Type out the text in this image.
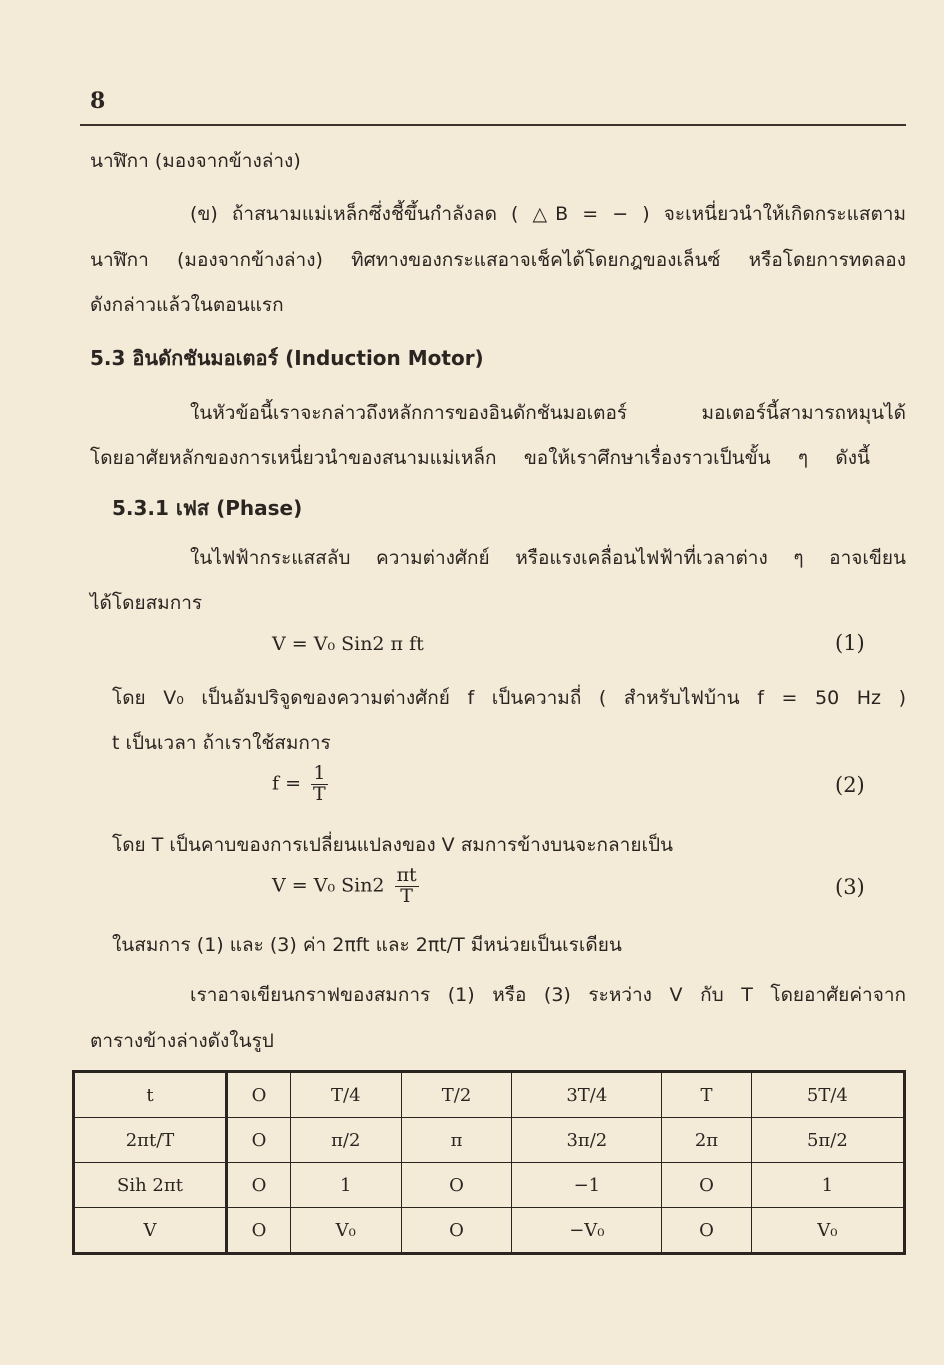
8
นาฬิกา (มองจากข้างล่าง)
(ข) ถ้าสนามแม่เหล็กซึ่งชี้ขึ้นกำลังลด ( △B = − ) จะเหนี่ยวนำให้เกิดกระแสตาม
นาฬิกา (มองจากข้างล่าง) ทิศทางของกระแสอาจเช็คได้โดยกฎของเล็นซ์ หรือโดยการทดลอง
ดังกล่าวแล้วในตอนแรก
5.3 อินดักชันมอเตอร์ (Induction Motor)
ในหัวข้อนี้เราจะกล่าวถึงหลักการของอินดักชันมอเตอร์ มอเตอร์นี้สามารถหมุนได้
โดยอาศัยหลักของการเหนี่ยวนำของสนามแม่เหล็ก ขอให้เราศึกษาเรื่องราวเป็นขั้น ๆ ดังนี้
5.3.1 เฟส (Phase)
ในไฟฟ้ากระแสสลับ ความต่างศักย์ หรือแรงเคลื่อนไฟฟ้าที่เวลาต่าง ๆ อาจเขียน
ได้โดยสมการ
V = V₀ Sin2 π ft	(1)
โดย V₀ เป็นอัมปริจูดของความต่างศักย์ f เป็นความถี่ ( สำหรับไฟบ้าน f = 50 Hz )
t เป็นเวลา ถ้าเราใช้สมการ
$f = \frac{1}{T}$	(2)
โดย T เป็นคาบของการเปลี่ยนแปลงของ V สมการข้างบนจะกลายเป็น
V = V₀ $Sin2 \frac{\pi t}{T}$	(3)
ในสมการ (1) และ (3) ค่า 2πft และ 2πt/T มีหน่วยเป็นเรเดียน
เราอาจเขียนกราฟของสมการ (1) หรือ (3) ระหว่าง V กับ T โดยอาศัยค่าจาก
ตารางข้างล่างดังในรูป
t	O	T/4	T/2	3T/4	T	5T/4
2πt/T	O	π/2	π	3π/2	2π	5π/2
Sih 2πt	O	1	O	−1	O	1
V	O	V₀	O	−V₀	O	V₀
